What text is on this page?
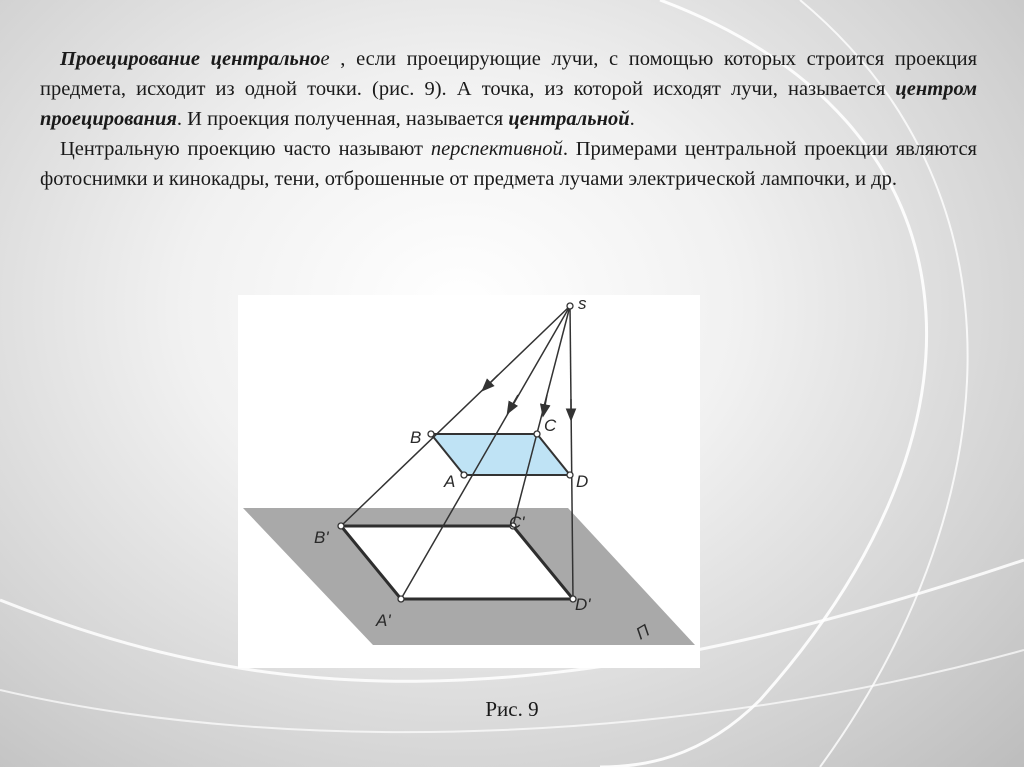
Проецирование центральное , если проецирующие лучи, с помощью которых строится проекция предмета, исходит из одной точки. (рис. 9). А точка, из которой исходят лучи, называется центром проецирования. И проекция полученная, называется центральной.

Центральную проекцию часто называют перспективной. Примерами центральной проекции являются фотоснимки и кинокадры, тени, отброшенные от предмета лучами электрической лампочки, и др.

s
B
C
A	D
B'
C'
A'
D'
П
Рис. 9
